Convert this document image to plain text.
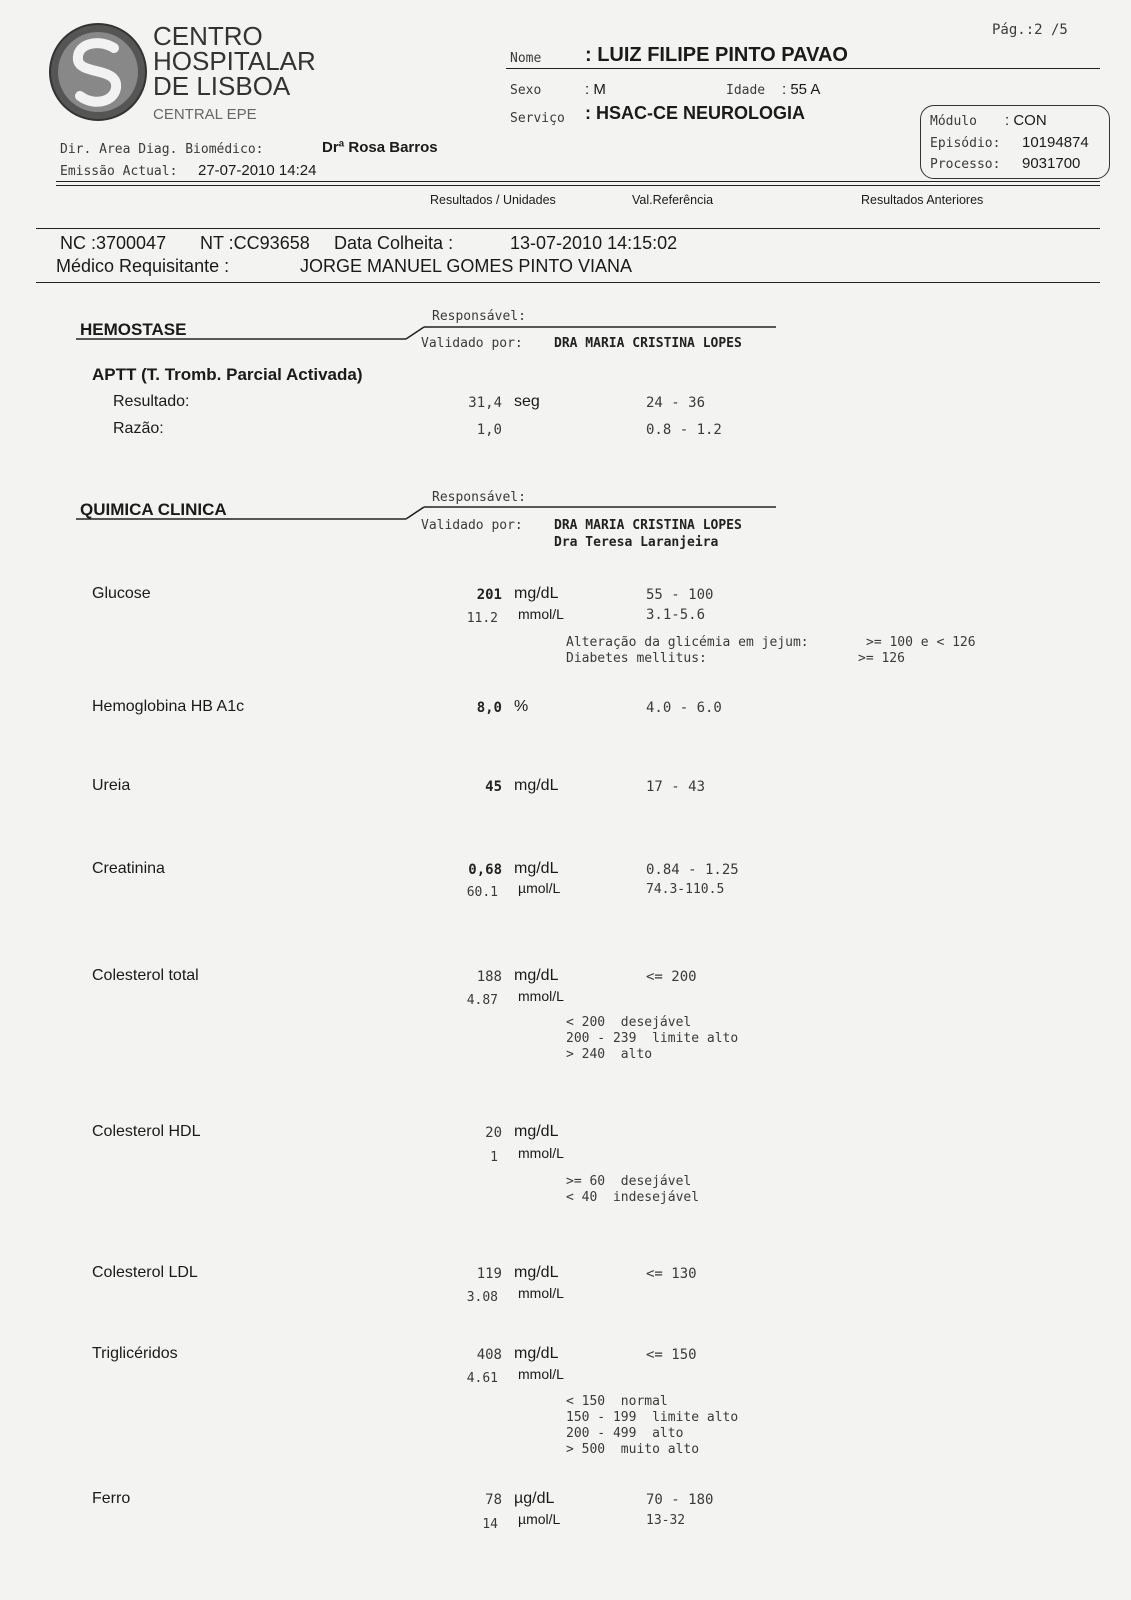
CENTRO
HOSPITALAR
DE LISBOA
CENTRAL EPE
Pág.:2 /5
Nome : LUIZ FILIPE PINTO PAVAO
Sexo	: M	Idade : 55 A
Serviço : HSAC-CE NEUROLOGIA	Módulo : CON
Episódio: 10194874
Processo: 9031700
Dir. Area Diag. Biomédico:	Drª Rosa Barros
Emissão Actual: 27-07-2010 14:24
Resultados / Unidades	Val.Referência	Resultados Anteriores
NC :3700047 NT :CC93658 Data Colheita :	13-07-2010 14:15:02
Médico Requisitante :	JORGE MANUEL GOMES PINTO VIANA
Responsável:
HEMOSTASE
Validado por: DRA MARIA CRISTINA LOPES
APTT (T. Tromb. Parcial Activada)
Resultado:	31,4 seg	24 - 36
Razão:	1,0	0.8 - 1.2
Responsável:
QUIMICA CLINICA
Validado por: DRA MARIA CRISTINA LOPES
Dra Teresa Laranjeira
Glucose	201 mg/dL	55 - 100
11.2 mmol/L	3.1-5.6
Alteração da glicémia em jejum:	>= 100 e < 126
Diabetes mellitus:	>= 126
Hemoglobina HB A1c	8,0 %	4.0 - 6.0
Ureia	45 mg/dL	17 - 43
Creatinina	0,68 mg/dL	0.84 - 1.25
60.1 µmol/L	74.3-110.5
Colesterol total	188 mg/dL	<= 200
4.87 mmol/L
< 200  desejável
200 - 239  limite alto
> 240  alto
Colesterol HDL	20 mg/dL
1 mmol/L
>= 60  desejável
< 40  indesejável
Colesterol LDL	119 mg/dL	<= 130
3.08 mmol/L
Triglicéridos	408 mg/dL	<= 150
4.61 mmol/L
< 150  normal
150 - 199  limite alto
200 - 499  alto
> 500  muito alto
Ferro	78 µg/dL	70 - 180
14 µmol/L	13-32
